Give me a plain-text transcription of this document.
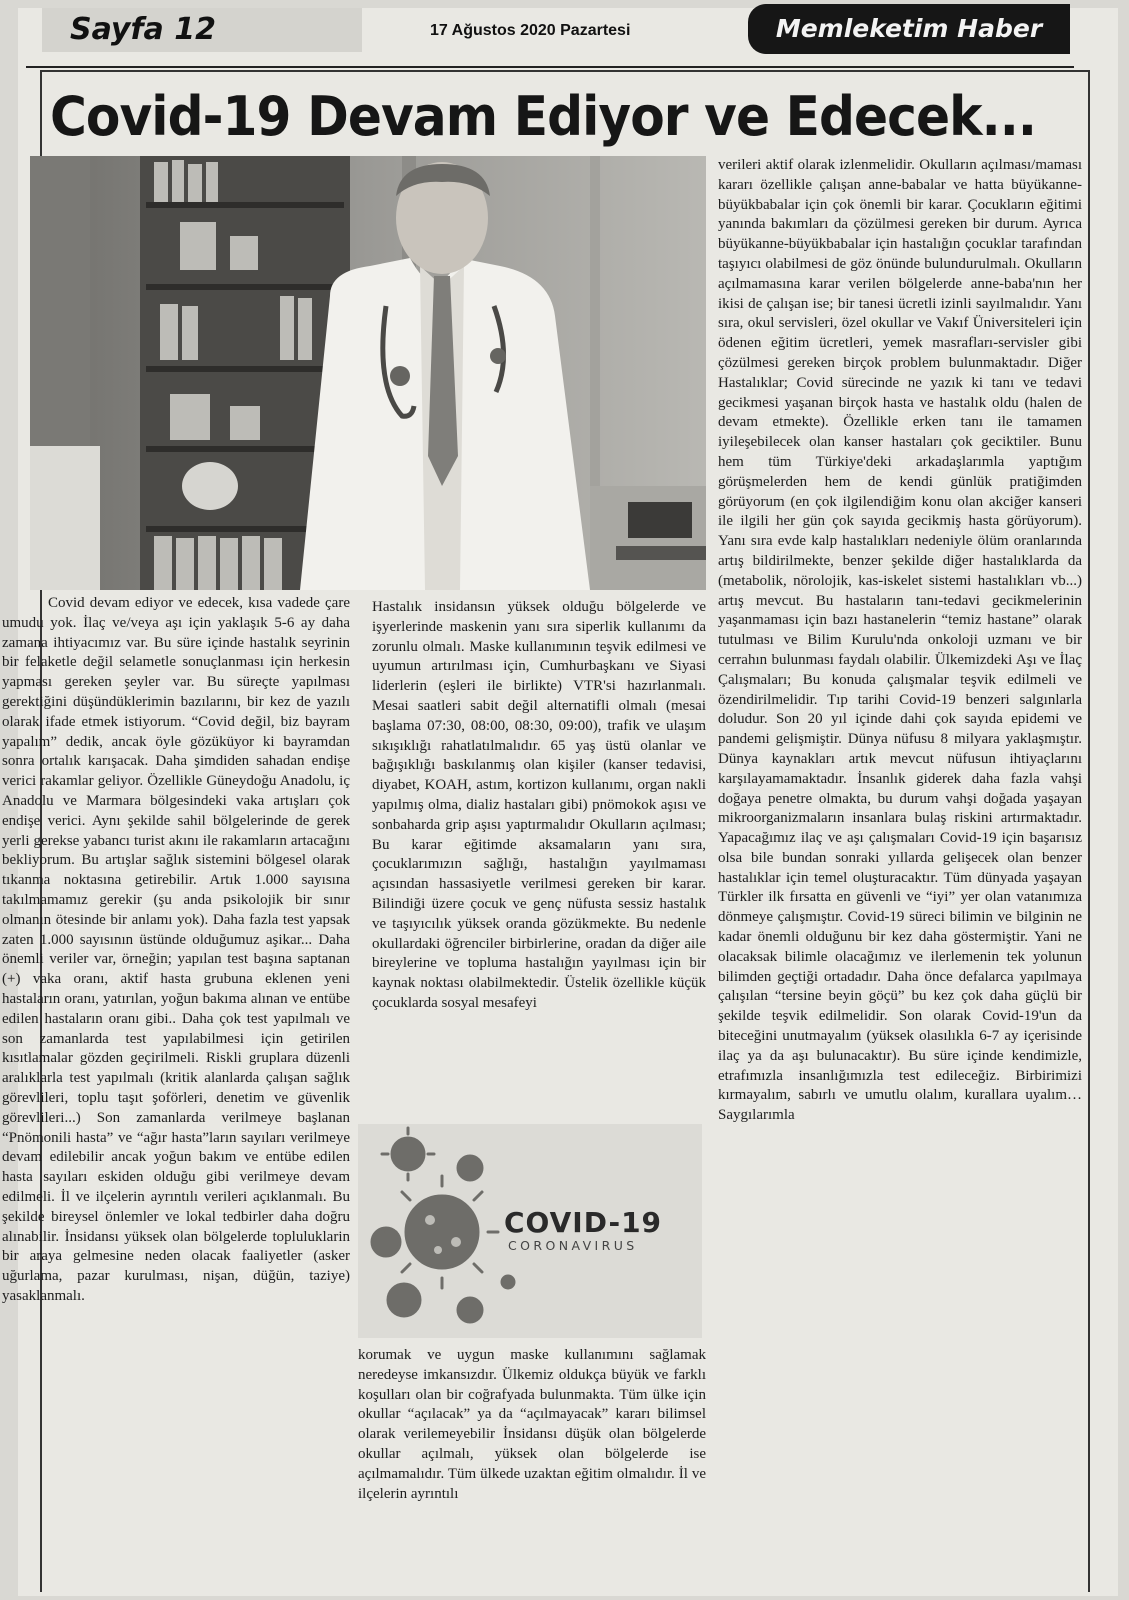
Sayfa 12	17 Ağustos 2020 Pazartesi	Memleketim Haber
Covid-19 Devam Ediyor ve Edecek...

Covid devam ediyor ve edecek, kısa vadede çare umudu yok. İlaç ve/veya aşı için yaklaşık 5-6 ay daha zamana ihtiyacımız var. Bu süre içinde hastalık seyrinin bir felaketle değil selametle sonuçlanması için herkesin yapması gereken şeyler var. Bu süreçte yapılması gerektiğini düşündüklerimin bazılarını, bir kez de yazılı olarak ifade etmek istiyorum. “Covid değil, biz bayram yapalım” dedik, ancak öyle gözüküyor ki bayramdan sonra ortalık karışacak. Daha şimdiden sahadan endişe verici rakamlar geliyor. Özellikle Güneydoğu Anadolu, iç Anadolu ve Marmara bölgesindeki vaka artışları çok endişe verici. Aynı şekilde sahil bölgelerinde de gerek yerli gerekse yabancı turist akını ile rakamların artacağını bekliyorum. Bu artışlar sağlık sistemini bölgesel olarak tıkanma noktasına getirebilir. Artık 1.000 sayısına takılmamamız gerekir (şu anda psikolojik bir sınır olmanın ötesinde bir anlamı yok). Daha fazla test yapsak zaten 1.000 sayısının üstünde olduğumuz aşikar... Daha önemli veriler var, örneğin; yapılan test başına saptanan (+) vaka oranı, aktif hasta grubuna eklenen yeni hastaların oranı, yatırılan, yoğun bakıma alınan ve entübe edilen hastaların oranı gibi.. Daha çok test yapılmalı ve son zamanlarda test yapılabilmesi için getirilen kısıtlamalar gözden geçirilmeli. Riskli gruplara düzenli aralıklarla test yapılmalı (kritik alanlarda çalışan sağlık görevlileri, toplu taşıt şoförleri, denetim ve güvenlik görevlileri...) Son zamanlarda verilmeye başlanan “Pnömonili hasta” ve “ağır hasta”ların sayıları verilmeye devam edilebilir ancak yoğun bakım ve entübe edilen hasta sayıları eskiden olduğu gibi verilmeye devam edilmeli. İl ve ilçelerin ayrıntılı verileri açıklanmalı. Bu şekilde bireysel önlemler ve lokal tedbirler daha doğru alınabilir. İnsidansı yüksek olan bölgelerde topluluklarin bir araya gelmesine neden olacak faaliyetler (asker uğurlama, pazar kurulması, nişan, düğün, taziye) yasaklanmalı.

Hastalık insidansın yüksek olduğu bölgelerde ve işyerlerinde maskenin yanı sıra siperlik kullanımı da zorunlu olmalı. Maske kullanımının teşvik edilmesi ve uyumun artırılması için, Cumhurbaşkanı ve Siyasi liderlerin (eşleri ile birlikte) VTR'si hazırlanmalı. Mesai saatleri sabit değil alternatifli olmalı (mesai başlama 07:30, 08:00, 08:30, 09:00), trafik ve ulaşım sıkışıklığı rahatlatılmalıdır. 65 yaş üstü olanlar ve bağışıklığı baskılanmış olan kişiler (kanser tedavisi, diyabet, KOAH, astım, kortizon kullanımı, organ nakli yapılmış olma, dializ hastaları gibi) pnömokok aşısı ve sonbaharda grip aşısı yaptırmalıdır Okulların açılması; Bu karar eğitimde aksamaların yanı sıra, çocuklarımızın sağlığı, hastalığın yayılmaması açısından hassasiyetle verilmesi gereken bir karar. Bilindiği üzere çocuk ve genç nüfusta sessiz hastalık ve taşıyıcılık yüksek oranda gözükmekte. Bu nedenle okullardaki öğrenciler birbirlerine, oradan da diğer aile bireylerine ve topluma hastalığın yayılması için bir kaynak noktası olabilmektedir. Üstelik özellikle küçük çocuklarda sosyal mesafeyi

COVID-19
CORONAVIRUS

korumak ve uygun maske kullanımını sağlamak neredeyse imkansızdır. Ülkemiz oldukça büyük ve farklı koşulları olan bir coğrafyada bulunmakta. Tüm ülke için okullar “açılacak” ya da “açılmayacak” kararı bilimsel olarak verilemeyebilir İnsidansı düşük olan bölgelerde okullar açılmalı, yüksek olan bölgelerde ise açılmamalıdır. Tüm ülkede uzaktan eğitim olmalıdır. İl ve ilçelerin ayrıntılı

verileri aktif olarak izlenmelidir. Okulların açılması/maması kararı özellikle çalışan anne-babalar ve hatta büyükanne-büyükbabalar için çok önemli bir karar. Çocukların eğitimi yanında bakımları da çözülmesi gereken bir durum. Ayrıca büyükanne-büyükbabalar için hastalığın çocuklar tarafından taşıyıcı olabilmesi de göz önünde bulundurulmalı. Okulların açılmamasına karar verilen bölgelerde anne-baba'nın her ikisi de çalışan ise; bir tanesi ücretli izinli sayılmalıdır. Yanı sıra, okul servisleri, özel okullar ve Vakıf Üniversiteleri için ödenen eğitim ücretleri, yemek masrafları-servisler gibi çözülmesi gereken birçok problem bulunmaktadır. Diğer Hastalıklar; Covid sürecinde ne yazık ki tanı ve tedavi gecikmesi yaşanan birçok hasta ve hastalık oldu (halen de devam etmekte). Özellikle erken tanı ile tamamen iyileşebilecek olan kanser hastaları çok geciktiler. Bunu hem tüm Türkiye'deki arkadaşlarımla yaptığım görüşmelerden hem de kendi günlük pratiğimden görüyorum (en çok ilgilendiğim konu olan akciğer kanseri ile ilgili her gün çok sayıda gecikmiş hasta görüyorum). Yanı sıra evde kalp hastalıkları nedeniyle ölüm oranlarında artış bildirilmekte, benzer şekilde diğer hastalıklarda da (metabolik, nörolojik, kas-iskelet sistemi hastalıkları vb...) artış mevcut. Bu hastaların tanı-tedavi gecikmelerinin yaşanmaması için bazı hastanelerin “temiz hastane” olarak tutulması ve Bilim Kurulu'nda onkoloji uzmanı ve bir cerrahın bulunması faydalı olabilir. Ülkemizdeki Aşı ve İlaç Çalışmaları; Bu konuda çalışmalar teşvik edilmeli ve özendirilmelidir. Tıp tarihi Covid-19 benzeri salgınlarla doludur. Son 20 yıl içinde dahi çok sayıda epidemi ve pandemi gelişmiştir. Dünya nüfusu 8 milyara yaklaşmıştır. Dünya kaynakları artık mevcut nüfusun ihtiyaçlarını karşılayamamaktadır. İnsanlık giderek daha fazla vahşi doğaya penetre olmakta, bu durum vahşi doğada yaşayan mikroorganizmaların insanlara bulaş riskini artırmaktadır. Yapacağımız ilaç ve aşı çalışmaları Covid-19 için başarısız olsa bile bundan sonraki yıllarda gelişecek olan benzer hastalıklar için temel oluşturacaktır. Tüm dünyada yaşayan Türkler ilk fırsatta en güvenli ve “iyi” yer olan vatanımıza dönmeye çalışmıştır. Covid-19 süreci bilimin ve bilginin ne kadar önemli olduğunu bir kez daha göstermiştir. Yani ne olacaksak bilimle olacağımız ve ilerlemenin tek yolunun bilimden geçtiği ortadadır. Daha önce defalarca yapılmaya çalışılan “tersine beyin göçü” bu kez çok daha güçlü bir şekilde teşvik edilmelidir. Son olarak Covid-19'un da biteceğini unutmayalım (yüksek olasılıkla 6-7 ay içerisinde ilaç ya da aşı bulunacaktır). Bu süre içinde kendimizle, etrafımızla insanlığımızla test edileceğiz. Birbirimizi kırmayalım, sabırlı ve umutlu olalım, kurallara uyalım… Saygılarımla
